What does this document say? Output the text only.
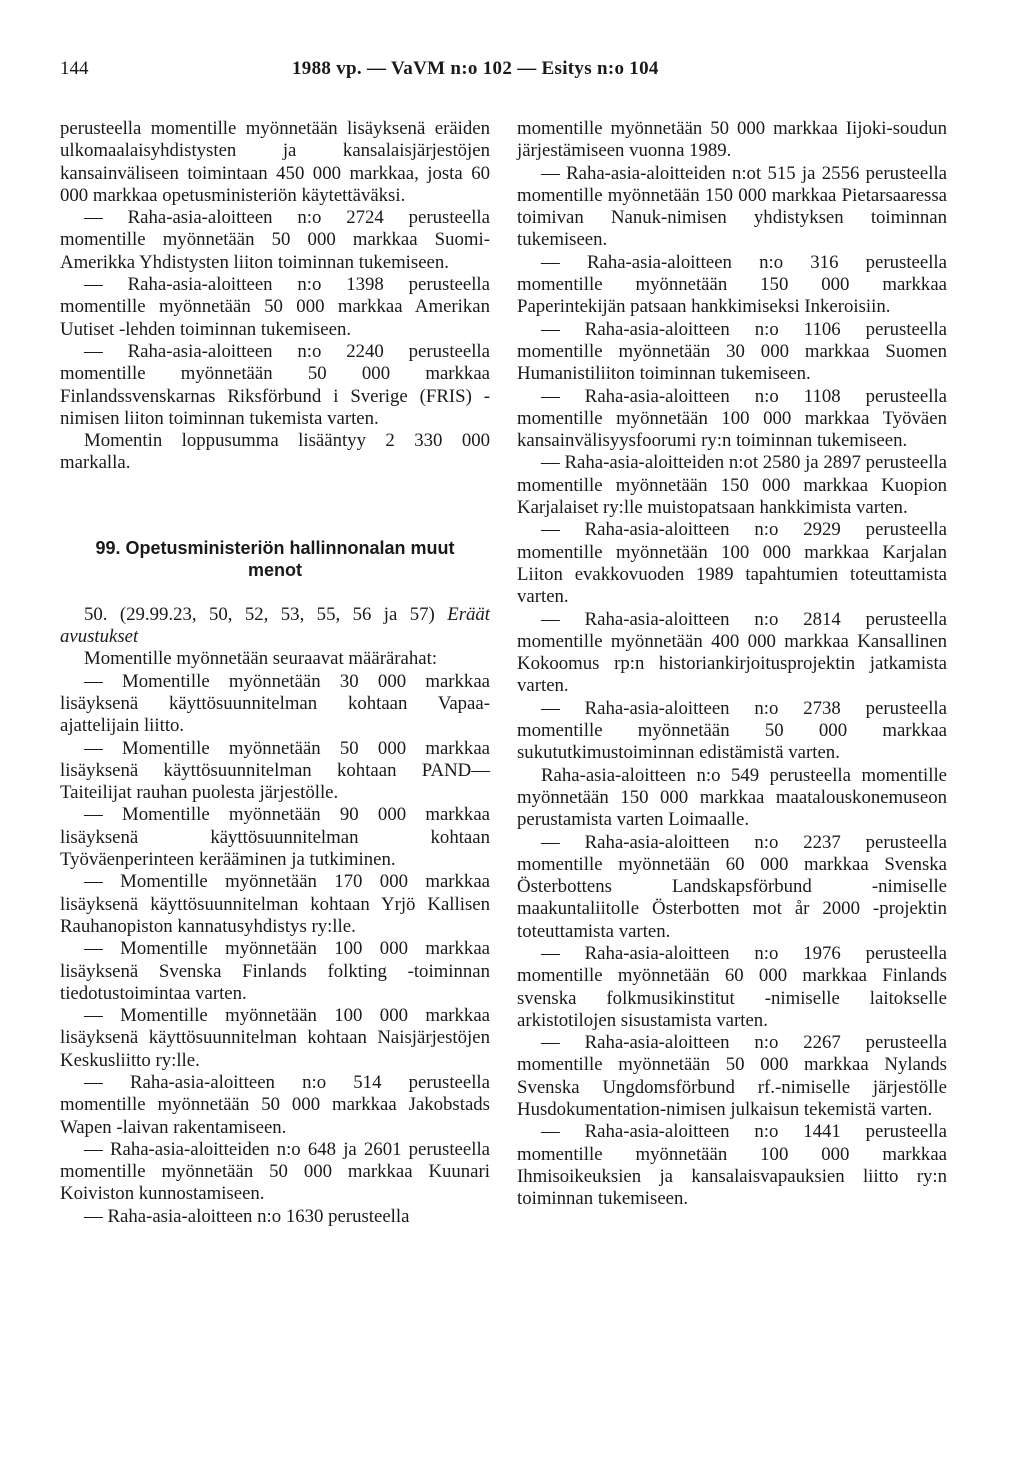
144	1988 vp. — VaVM n:o 102 — Esitys n:o 104
perusteella momentille myönnetään lisäyksenä eräiden ulkomaalaisyhdistysten ja kansalaisjärjestöjen kansainväliseen toimintaan 450 000 markkaa, josta 60 000 markkaa opetusministeriön käytettäväksi.
— Raha-asia-aloitteen n:o 2724 perusteella momentille myönnetään 50 000 markkaa Suomi-Amerikka Yhdistysten liiton toiminnan tukemiseen.
— Raha-asia-aloitteen n:o 1398 perusteella momentille myönnetään 50 000 markkaa Amerikan Uutiset -lehden toiminnan tukemiseen.
— Raha-asia-aloitteen n:o 2240 perusteella momentille myönnetään 50 000 markkaa Finlandssvenskarnas Riksförbund i Sverige (FRIS) -nimisen liiton toiminnan tukemista varten.
Momentin loppusumma lisääntyy 2 330 000 markalla.
99. Opetusministeriön hallinnonalan muut
menot
50. (29.99.23, 50, 52, 53, 55, 56 ja 57) Eräät avustukset
Momentille myönnetään seuraavat määrärahat:
— Momentille myönnetään 30 000 markkaa lisäyksenä käyttösuunnitelman kohtaan Vapaa-ajattelijain liitto.
— Momentille myönnetään 50 000 markkaa lisäyksenä käyttösuunnitelman kohtaan PAND—Taiteilijat rauhan puolesta järjestölle.
— Momentille myönnetään 90 000 markkaa lisäyksenä käyttösuunnitelman kohtaan Työväenperinteen kerääminen ja tutkiminen.
— Momentille myönnetään 170 000 markkaa lisäyksenä käyttösuunnitelman kohtaan Yrjö Kallisen Rauhanopiston kannatusyhdistys ry:lle.
— Momentille myönnetään 100 000 markkaa lisäyksenä Svenska Finlands folkting -toiminnan tiedotustoimintaa varten.
— Momentille myönnetään 100 000 markkaa lisäyksenä käyttösuunnitelman kohtaan Naisjärjestöjen Keskusliitto ry:lle.
— Raha-asia-aloitteen n:o 514 perusteella momentille myönnetään 50 000 markkaa Jakobstads Wapen -laivan rakentamiseen.
— Raha-asia-aloitteiden n:o 648 ja 2601 perusteella momentille myönnetään 50 000 markkaa Kuunari Koiviston kunnostamiseen.
— Raha-asia-aloitteen n:o 1630 perusteella
momentille myönnetään 50 000 markkaa Iijoki-soudun järjestämiseen vuonna 1989.
— Raha-asia-aloitteiden n:ot 515 ja 2556 perusteella momentille myönnetään 150 000 markkaa Pietarsaaressa toimivan Nanuk-nimisen yhdistyksen toiminnan tukemiseen.
— Raha-asia-aloitteen n:o 316 perusteella momentille myönnetään 150 000 markkaa Paperintekijän patsaan hankkimiseksi Inkeroisiin.
— Raha-asia-aloitteen n:o 1106 perusteella momentille myönnetään 30 000 markkaa Suomen Humanistiliiton toiminnan tukemiseen.
— Raha-asia-aloitteen n:o 1108 perusteella momentille myönnetään 100 000 markkaa Työväen kansainvälisyysfoorumi ry:n toiminnan tukemiseen.
— Raha-asia-aloitteiden n:ot 2580 ja 2897 perusteella momentille myönnetään 150 000 markkaa Kuopion Karjalaiset ry:lle muistopatsaan hankkimista varten.
— Raha-asia-aloitteen n:o 2929 perusteella momentille myönnetään 100 000 markkaa Karjalan Liiton evakkovuoden 1989 tapahtumien toteuttamista varten.
— Raha-asia-aloitteen n:o 2814 perusteella momentille myönnetään 400 000 markkaa Kansallinen Kokoomus rp:n historiankirjoitusprojektin jatkamista varten.
— Raha-asia-aloitteen n:o 2738 perusteella momentille myönnetään 50 000 markkaa sukututkimustoiminnan edistämistä varten.
Raha-asia-aloitteen n:o 549 perusteella momentille myönnetään 150 000 markkaa maatalouskonemuseon perustamista varten Loimaalle.
— Raha-asia-aloitteen n:o 2237 perusteella momentille myönnetään 60 000 markkaa Svenska Österbottens Landskapsförbund -nimiselle maakuntaliitolle Österbotten mot år 2000 -projektin toteuttamista varten.
— Raha-asia-aloitteen n:o 1976 perusteella momentille myönnetään 60 000 markkaa Finlands svenska folkmusikinstitut -nimiselle laitokselle arkistotilojen sisustamista varten.
— Raha-asia-aloitteen n:o 2267 perusteella momentille myönnetään 50 000 markkaa Nylands Svenska Ungdomsförbund rf.-nimiselle järjestölle Husdokumentation-nimisen julkaisun tekemistä varten.
— Raha-asia-aloitteen n:o 1441 perusteella momentille myönnetään 100 000 markkaa Ihmisoikeuksien ja kansalaisvapauksien liitto ry:n toiminnan tukemiseen.
